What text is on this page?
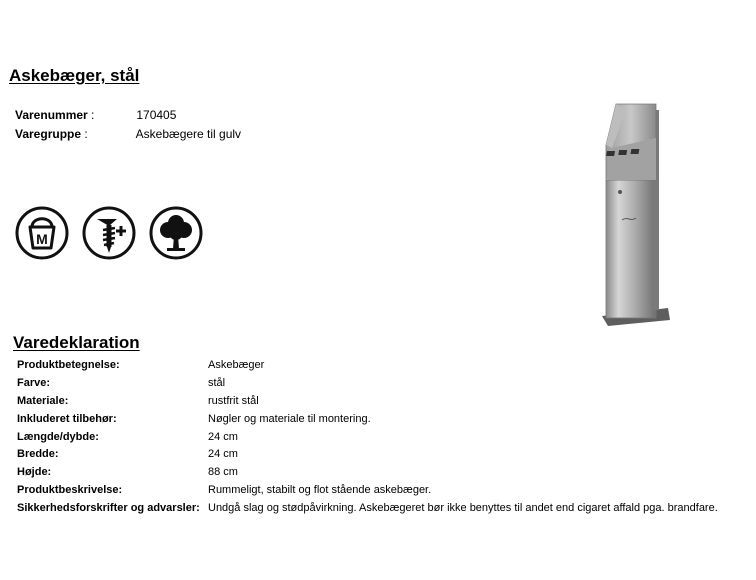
Askebæger, stål
Varenummer :	170405
Varegruppe :	Askebægere til gulv
M
Varedeklaration
Produktbetegnelse:	Askebæger
Farve:	stål
Materiale:	rustfrit stål
Inkluderet tilbehør:	Nøgler og materiale til montering.
Længde/dybde:	24 cm
Bredde:	24 cm
Højde:	88 cm
Produktbeskrivelse:	Rummeligt, stabilt og flot stående askebæger.
Sikkerhedsforskrifter og advarsler: Undgå slag og stødpåvirkning. Askebægeret bør ikke benyttes til andet end cigaret affald pga. brandfare.
